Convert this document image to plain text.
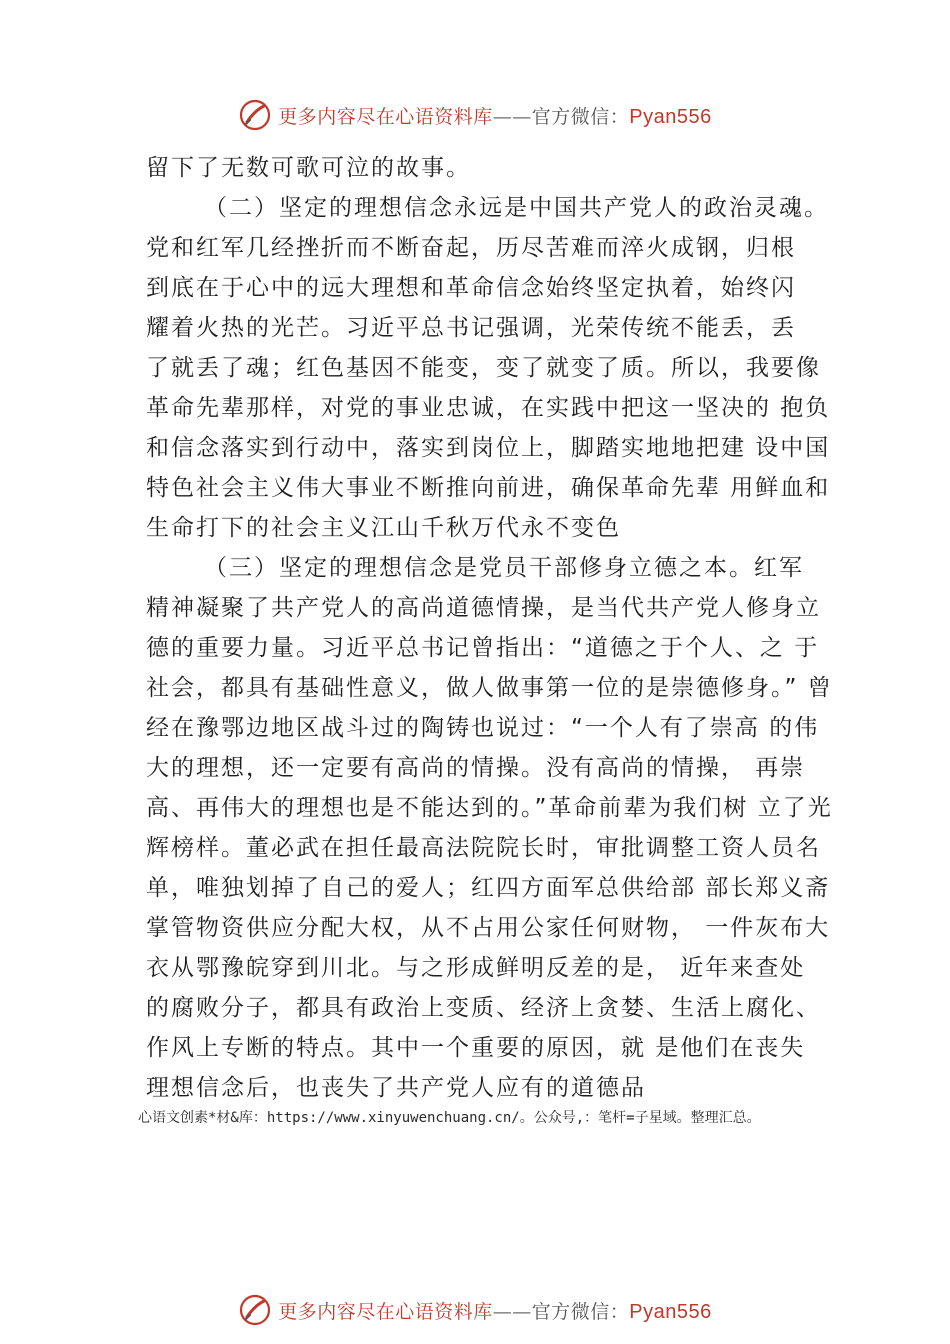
更多内容尽在心语资料库——官方微信：Pyan556
留下了无数可歌可泣的故事。
（二）坚定的理想信念永远是中国共产党人的政治灵魂。
党和红军几经挫折而不断奋起，历尽苦难而淬火成钢，归根
到底在于心中的远大理想和革命信念始终坚定执着，始终闪
耀着火热的光芒。习近平总书记强调，光荣传统不能丢，丢
了就丢了魂；红色基因不能变，变了就变了质。所以，我要像
革命先辈那样，对党的事业忠诚，在实践中把这一坚决的 抱负
和信念落实到行动中，落实到岗位上，脚踏实地地把建 设中国
特色社会主义伟大事业不断推向前进，确保革命先辈 用鲜血和
生命打下的社会主义江山千秋万代永不变色
（三）坚定的理想信念是党员干部修身立德之本。红军
精神凝聚了共产党人的高尚道德情操，是当代共产党人修身立
德的重要力量。习近平总书记曾指出：“道德之于个人、之 于
社会，都具有基础性意义，做人做事第一位的是崇德修身。” 曾
经在豫鄂边地区战斗过的陶铸也说过：“一个人有了崇高 的伟
大的理想，还一定要有高尚的情操。没有高尚的情操， 再崇
高、再伟大的理想也是不能达到的。”革命前辈为我们树 立了光
辉榜样。董必武在担任最高法院院长时，审批调整工资人员名
单，唯独划掉了自己的爱人；红四方面军总供给部 部长郑义斋
掌管物资供应分配大权，从不占用公家任何财物， 一件灰布大
衣从鄂豫皖穿到川北。与之形成鲜明反差的是， 近年来查处
的腐败分子，都具有政治上变质、经济上贪婪、生活上腐化、
作风上专断的特点。其中一个重要的原因，就 是他们在丧失
理想信念后，也丧失了共产党人应有的道德品
心语文创素*材&库：https://www.xinyuwenchuang.cn/。公众号,：笔杆=子星域。整理汇总。
更多内容尽在心语资料库——官方微信：Pyan556
